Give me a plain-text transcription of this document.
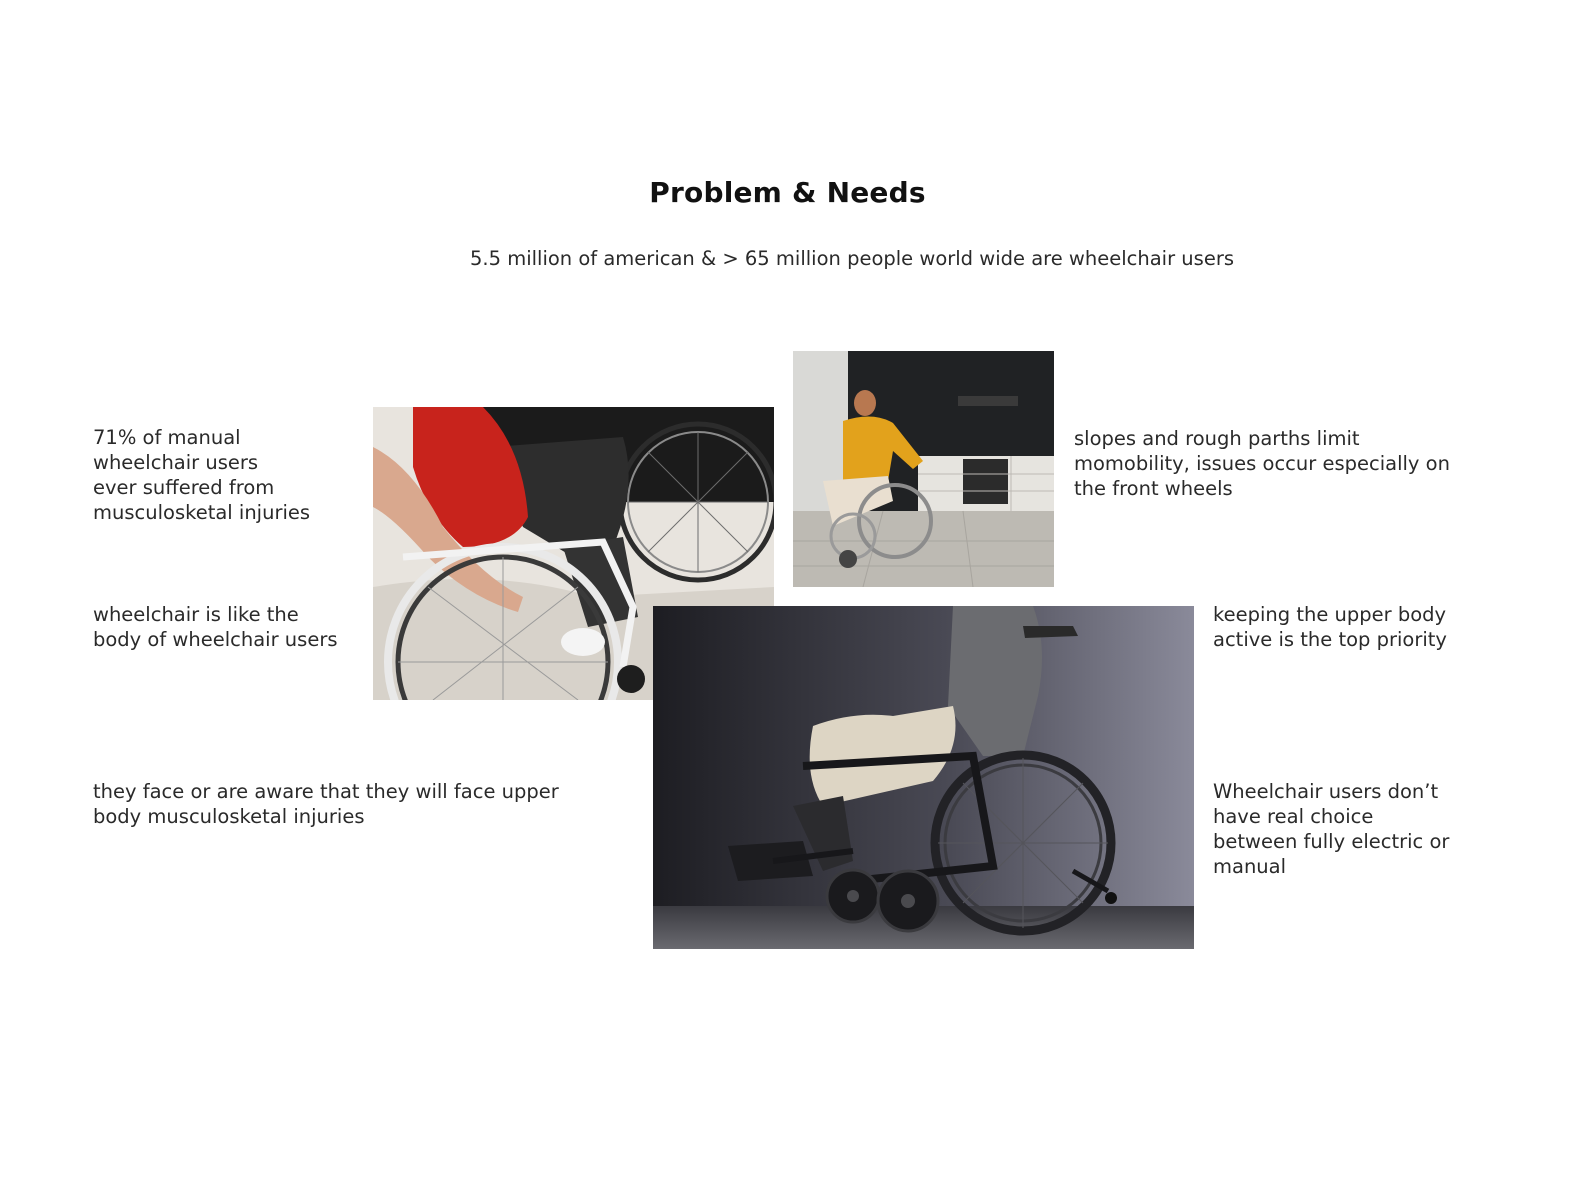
Problem & Needs
5.5 million of american & > 65 million people world wide are wheelchair users

71% of manual
wheelchair users
ever suffered from
musculosketal injuries

wheelchair is like the
body of wheelchair users

they face or are aware that they will face upper
body musculosketal injuries

slopes and rough parths limit
momobility, issues occur especially on
the front wheels

keeping the upper body
active is the top priority

Wheelchair users don’t
have real choice
between fully electric or
manual
